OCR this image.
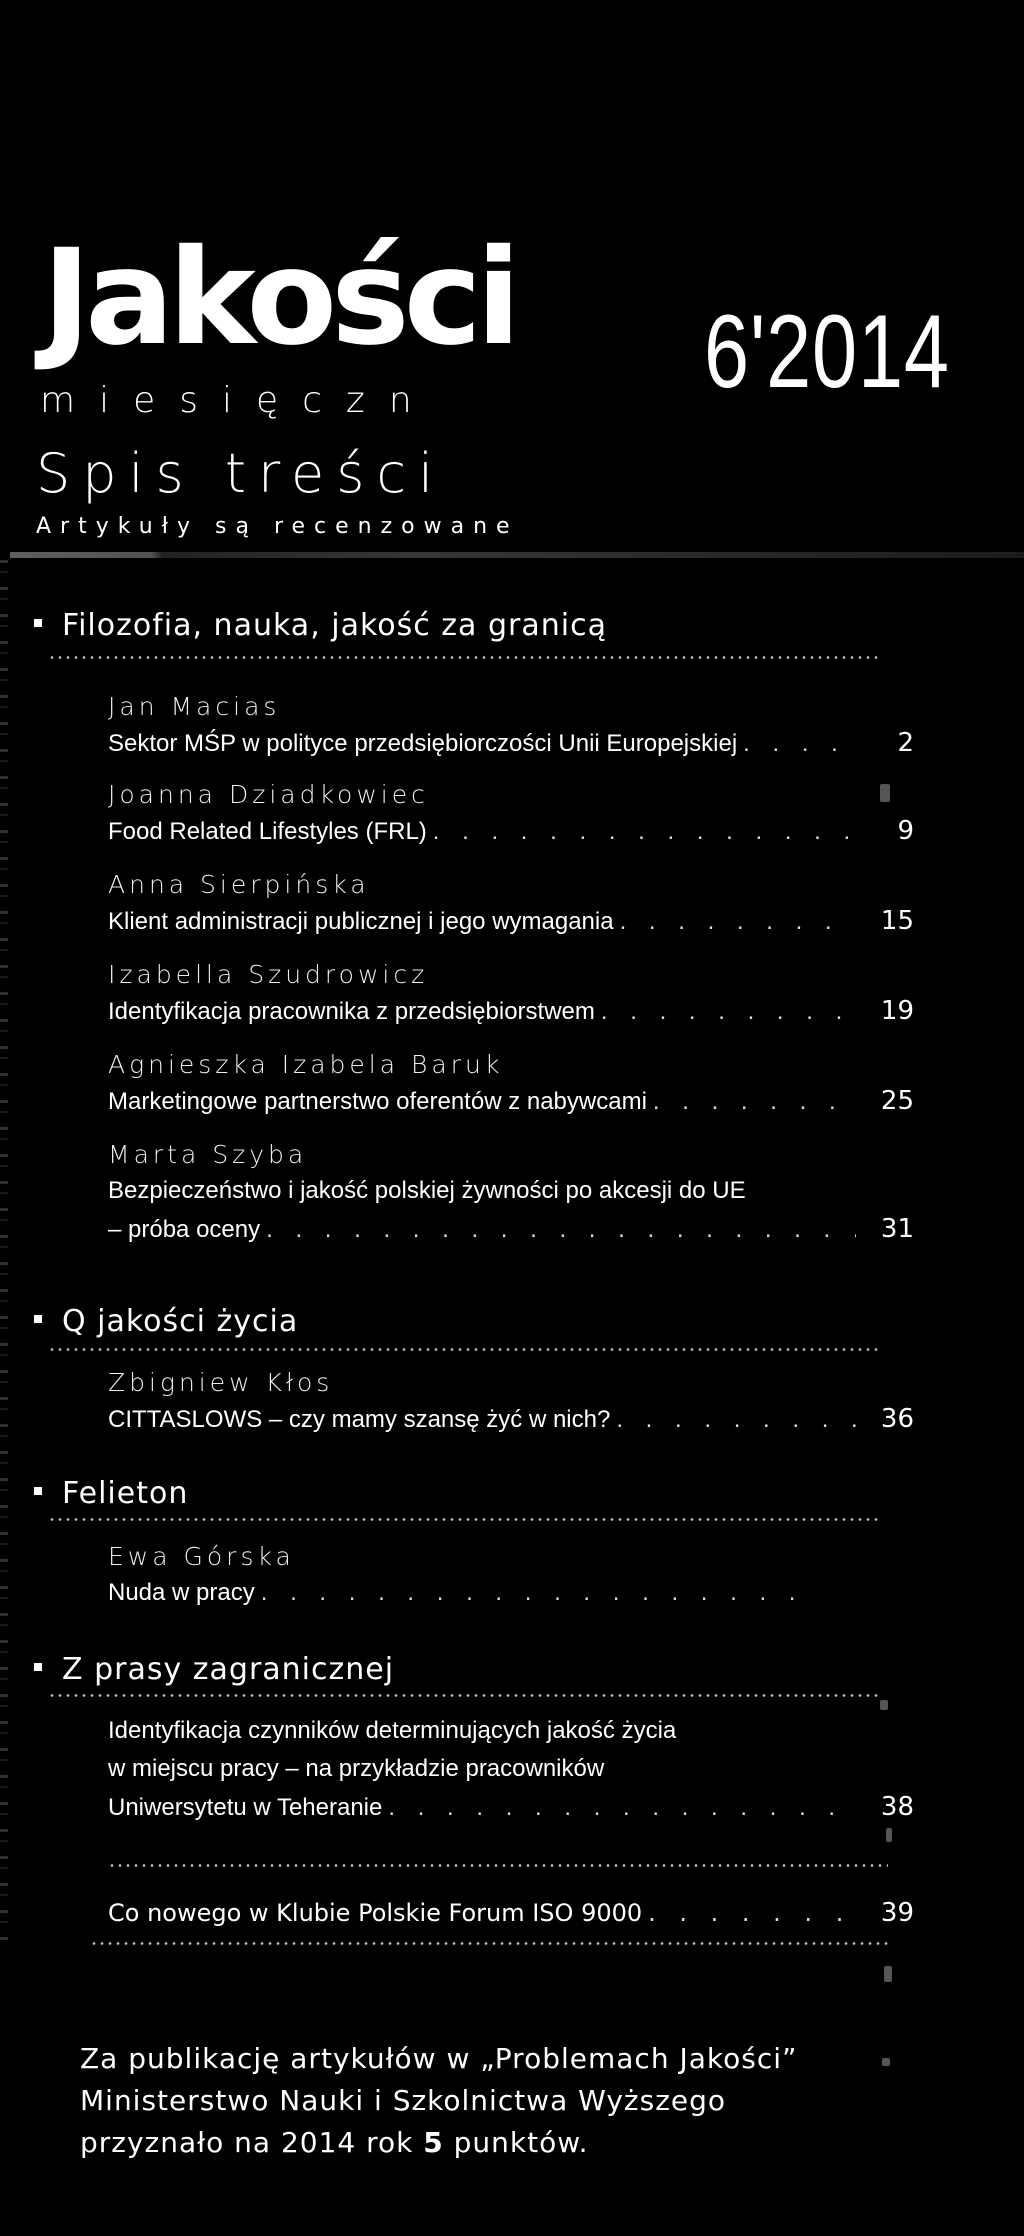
Jakości
miesięczn	6'2014
Spis treści
Artykuły są recenzowane
Filozofia, nauka, jakość za granicą
Jan Macias
Sektor MŚP w polityce przedsiębiorczości Unii Europejskiej . . .	2
Joanna Dziadkowiec
Food Related Lifestyles (FRL) . . .	9
Anna Sierpińska
Klient administracji publicznej i jego wymagania . . .	15
Izabella Szudrowicz
Identyfikacja pracownika z przedsiębiorstwem . . .	19
Agnieszka Izabela Baruk
Marketingowe partnerstwo oferentów z nabywcami . . .	25
Marta Szyba
Bezpieczeństwo i jakość polskiej żywności po akcesji do UE
– próba oceny . . .	31
Q jakości życia
Zbigniew Kłos
CITTASLOWS – czy mamy szansę żyć w nich? . . .	36
Felieton
Ewa Górska
Nuda w pracy
. . .
Z prasy zagranicznej
Identyfikacja czynników determinujących jakość życia
w miejscu pracy – na przykładzie pracowników
Uniwersytetu w Teheranie . . .	38
Co nowego w Klubie Polskie Forum ISO 9000 . . .	39
Za publikację artykułów w „Problemach Jakości”
Ministerstwo Nauki i Szkolnictwa Wyższego
przyznało na 2014 rok 5 punktów.
